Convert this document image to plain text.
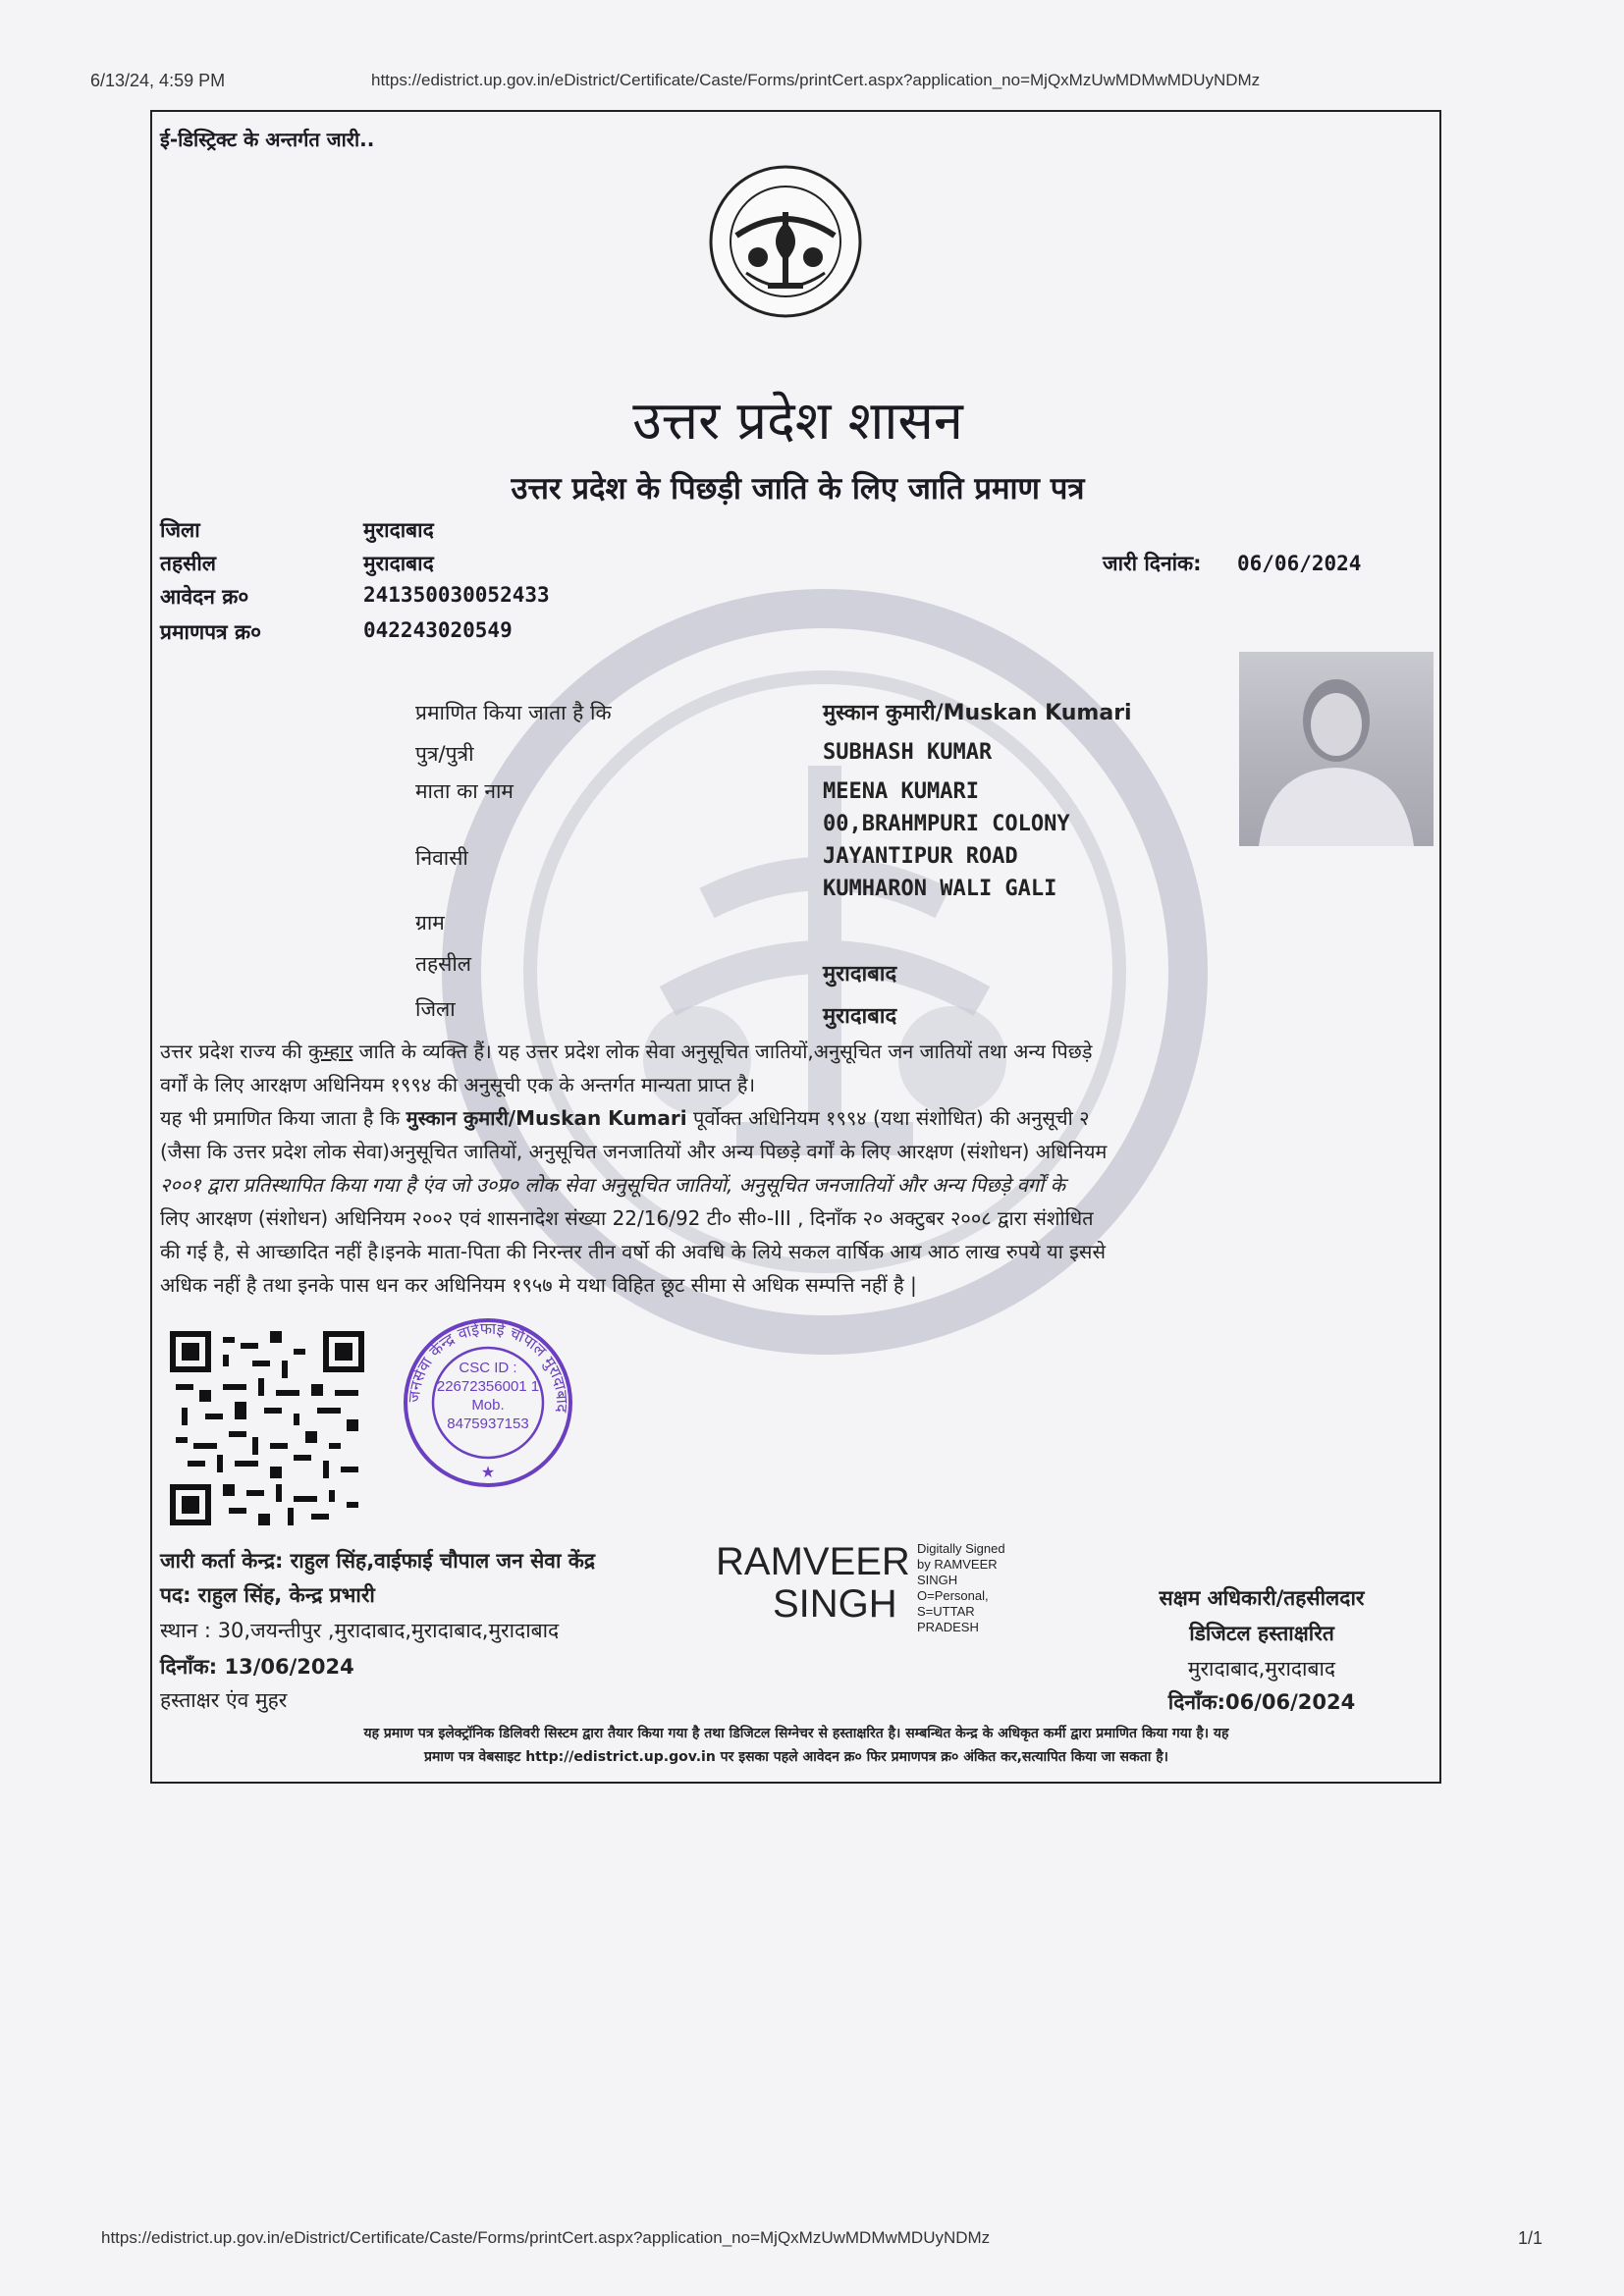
6/13/24, 4:59 PM	https://edistrict.up.gov.in/eDistrict/Certificate/Caste/Forms/printCert.aspx?application_no=MjQxMzUwMDMwMDUyNDMz
ई-डिस्ट्रिक्ट के अन्तर्गत जारी..
उत्तर प्रदेश शासन
उत्तर प्रदेश के पिछड़ी जाति के लिए जाति प्रमाण पत्र
जिला	मुरादाबाद
तहसील	मुरादाबाद
आवेदन क्र०	241350030052433
प्रमाणपत्र क्र०	042243020549
जारी दिनांक: 06/06/2024
प्रमाणित किया जाता है कि	मुस्कान कुमारी/Muskan Kumari
पुत्र/पुत्री	SUBHASH KUMAR
माता का नाम	MEENA KUMARI
00,BRAHMPURI COLONY
निवासी	JAYANTIPUR ROAD
KUMHARON WALI GALI
ग्राम
तहसील	मुरादाबाद
जिला	मुरादाबाद
उत्तर प्रदेश राज्य की कुम्हार जाति के व्यक्ति हैं। यह उत्तर प्रदेश लोक सेवा अनुसूचित जातियों,अनुसूचित जन जातियों तथा अन्य पिछड़े
वर्गों के लिए आरक्षण अधिनियम १९९४ की अनुसूची एक के अन्तर्गत मान्यता प्राप्त है।
यह भी प्रमाणित किया जाता है कि मुस्कान कुमारी/Muskan Kumari पूर्वोक्त अधिनियम १९९४ (यथा संशोधित) की अनुसूची २
(जैसा कि उत्तर प्रदेश लोक सेवा)अनुसूचित जातियों, अनुसूचित जनजातियों और अन्य पिछड़े वर्गों के लिए आरक्षण (संशोधन) अधिनियम
२००१ द्वारा प्रतिस्थापित किया गया है एंव जो उ०प्र० लोक सेवा अनुसूचित जातियों, अनुसूचित जनजातियों और अन्य पिछड़े वर्गों के
लिए आरक्षण (संशोधन) अधिनियम २००२ एवं शासनादेश संख्या 22/16/92 टी० सी०-III , दिनाँक २० अक्टुबर २००८ द्वारा संशोधित
की गई है, से आच्छादित नहीं है।इनके माता-पिता की निरन्तर तीन वर्षो की अवधि के लिये सकल वार्षिक आय आठ लाख रुपये या इससे
अधिक नहीं है तथा इनके पास धन कर अधिनियम १९५७ मे यथा विहित छूट सीमा से अधिक सम्पत्ति नहीं है |
जनसेवा केन्द्र वाईफाई चौपाल मुरादाबाद
★
CSC ID :
22672356001 1
Mob.
8475937153
जारी कर्ता केन्द्र: राहुल सिंह,वाईफाई चौपाल जन सेवा केंद्र
पद: राहुल सिंह, केन्द्र प्रभारी
स्थान : 30,जयन्तीपुर ,मुरादाबाद,मुरादाबाद,मुरादाबाद
दिनाँक: 13/06/2024
हस्ताक्षर एंव मुहर
RAMVEER
SINGH
Digitally Signed
by RAMVEER
SINGH
O=Personal,
S=UTTAR
PRADESH
सक्षम अधिकारी/तहसीलदार
डिजिटल हस्ताक्षरित
मुरादाबाद,मुरादाबाद
दिनाँक:06/06/2024
यह प्रमाण पत्र इलेक्ट्रॉनिक डिलिवरी सिस्टम द्वारा तैयार किया गया है तथा डिजिटल सिग्नेचर से हस्ताक्षरित है। सम्बन्धित केन्द्र के अधिकृत कर्मी द्वारा प्रमाणित किया गया है। यह
प्रमाण पत्र वेबसाइट http://edistrict.up.gov.in पर इसका पहले आवेदन क्र० फिर प्रमाणपत्र क्र० अंकित कर,सत्यापित किया जा सकता है।
https://edistrict.up.gov.in/eDistrict/Certificate/Caste/Forms/printCert.aspx?application_no=MjQxMzUwMDMwMDUyNDMz	1/1
